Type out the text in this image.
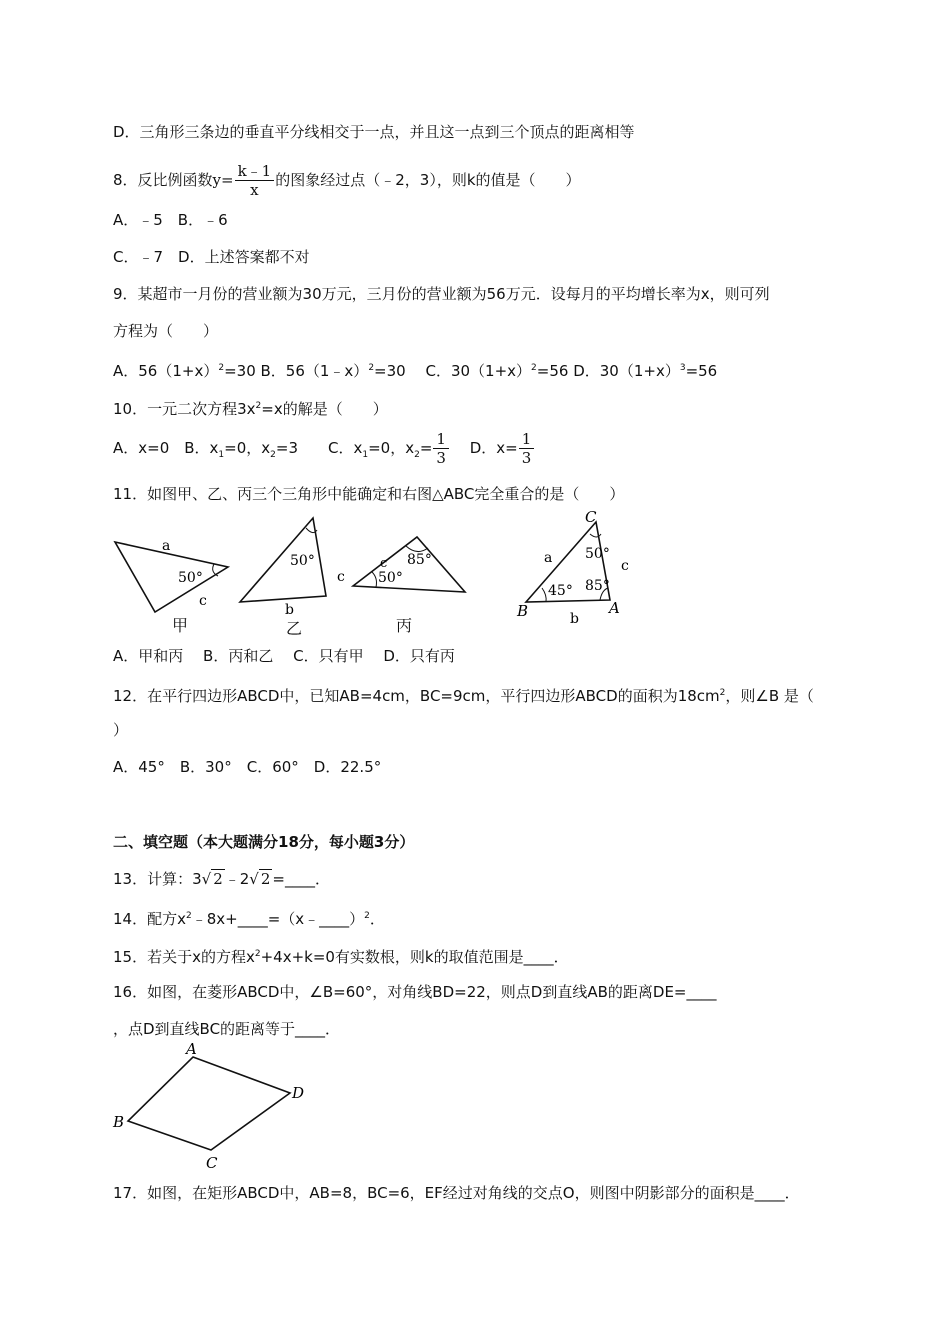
D．三角形三条边的垂直平分线相交于一点，并且这一点到三个顶点的距离相等
8．反比例函数$y= \frac{k﹣1}{x}$ 的图象经过点（﹣2，3），则k的值是（　　）
A．﹣5　B．﹣6
C．﹣7　D．上述答案都不对
9．某超市一月份的营业额为30万元，三月份的营业额为56万元．设每月的平均增长率为x，则可列
方程为（　　）
A．$56(1+x)^2=30$ B．56（1﹣x）$^2$=30　 C．$30(1+x)^2=56$ D．$30(1+x)^3=56$
10．一元二次方程$3x^2=x$的解是（　　）
A．x=0　B．$x_1=0$，$x_2=3$　　C．$x_1=0$，$x_2= \frac{1}{3}$ 　 D．$x= \frac{1}{3}$
11．如图甲、乙、丙三个三角形中能确定和右图△ABC完全重合的是（　　）
a
50°
c
50°
c
b
85°
50°
c
C
B	A
a
b
c
50°
45° 85°
甲	乙	丙
A．甲和丙　 B．丙和乙　 C．只有甲　 D．只有丙
12．在平行四边形ABCD中，已知AB=4cm，BC=9cm，平行四边形ABCD的面积为$18cm^2$，则∠B 是（
）
A．45°　B．30°　C．60°　D．22.5°
二、填空题（本大题满分18分，每小题3分）
13．计算：3√ 2 ﹣2√ 2 =____．
14．配方$x^2﹣8x+\_\_\_\_=(x﹣\_\_\_\_)^2$．
15．若关于x的方程$x^2+4x+k=0$有实数根，则k的取值范围是____．
16．如图，在菱形ABCD中，∠B=60°，对角线BD=22，则点D到直线AB的距离DE=____
，点D到直线BC的距离等于____．
A
D
C
B
17．如图，在矩形ABCD中，AB=8，BC=6，EF经过对角线的交点O，则图中阴影部分的面积是____．
